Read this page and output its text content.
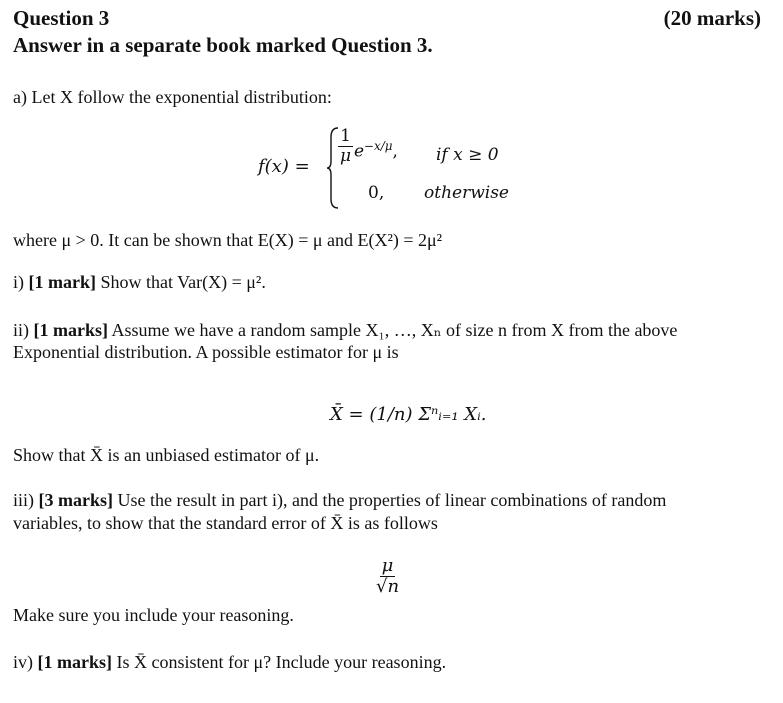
Question 3	(20 marks)
Answer in a separate book marked Question 3.
a) Let X follow the exponential distribution:
f(x) =
$\frac{1}{\mu} e^{-x/\mu}$, if x ≥ 0
0, otherwise
where μ > 0. It can be shown that E(X) = μ and E(X²) = 2μ²
i) [1 mark] Show that Var(X) = μ².
ii) [1 marks] Assume we have a random sample X₁, …, Xₙ of size n from X from the above
Exponential distribution. A possible estimator for μ is
X̄ = (1/n) Σⁿᵢ₌₁ Xᵢ.
Show that X̄ is an unbiased estimator of μ.
iii) [3 marks] Use the result in part i), and the properties of linear combinations of random
variables, to show that the standard error of X̄ is as follows
$\frac{\mu}{√n}$
Make sure you include your reasoning.
iv) [1 marks] Is X̄ consistent for μ? Include your reasoning.
